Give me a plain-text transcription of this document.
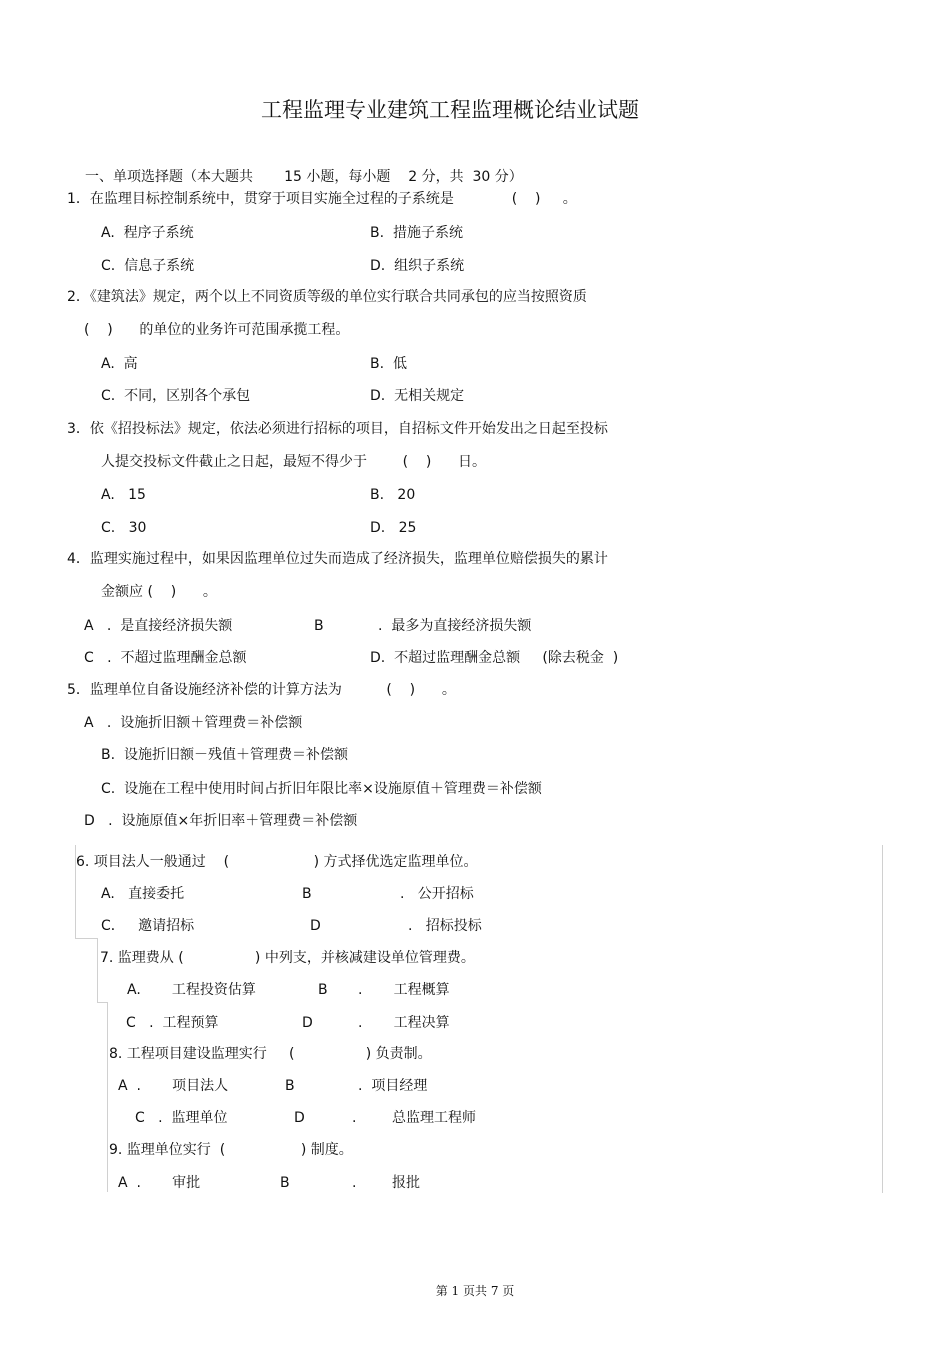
工程监理专业建筑工程监理概论结业试题
一、单项选择题（本大题共       15 小题，每小题    2 分，共  30 分）
1．在监理目标控制系统中，贯穿于项目实施全过程的子系统是             (    )     。
A.  程序子系统	B.  措施子系统
C.  信息子系统	D.  组织子系统
2．《建筑法》规定，两个以上不同资质等级的单位实行联合共同承包的应当按照资质
(    )      的单位的业务许可范围承揽工程。
A.  高	B.  低
C.  不同，区别各个承包	D.  无相关规定
3．依《招投标法》规定，依法必须进行招标的项目，自招标文件开始发出之日起至投标
人提交投标文件截止之日起，最短不得少于        (    )      日。
A.   15	B.   20
C.   30	D.   25
4．监理实施过程中，如果因监理单位过失而造成了经济损失，监理单位赔偿损失的累计
金额应 (    )      。
A   .  是直接经济损失额	B	.  最多为直接经济损失额
C   .  不超过监理酬金总额	D.  不超过监理酬金总额     (除去税金  )
5．监理单位自备设施经济补偿的计算方法为          (    )      。
A   .  设施折旧额＋管理费＝补偿额
B.  设施折旧额－残值＋管理费＝补偿额
C.  设施在工程中使用时间占折旧年限比率×设施原值＋管理费＝补偿额
D   .  设施原值×年折旧率＋管理费＝补偿额
6. 项目法人一般通过    (                   ) 方式择优选定监理单位。
A.   直接委托	B	.   公开招标
C．   邀请招标	D	.   招标投标
7. 监理费从 (                ) 中列支，并核减建设单位管理费。
A.       工程投资估算	B .       工程概算
C   .  工程预算	D	.       工程决算
8. 工程项目建设监理实行     (                ) 负责制。
A  .       项目法人	B	.  项目经理
C   .  监理单位	D	.        总监理工程师
9. 监理单位实行  (                 ) 制度。
A  .       审批	B	.        报批
第 1 页共 7 页
